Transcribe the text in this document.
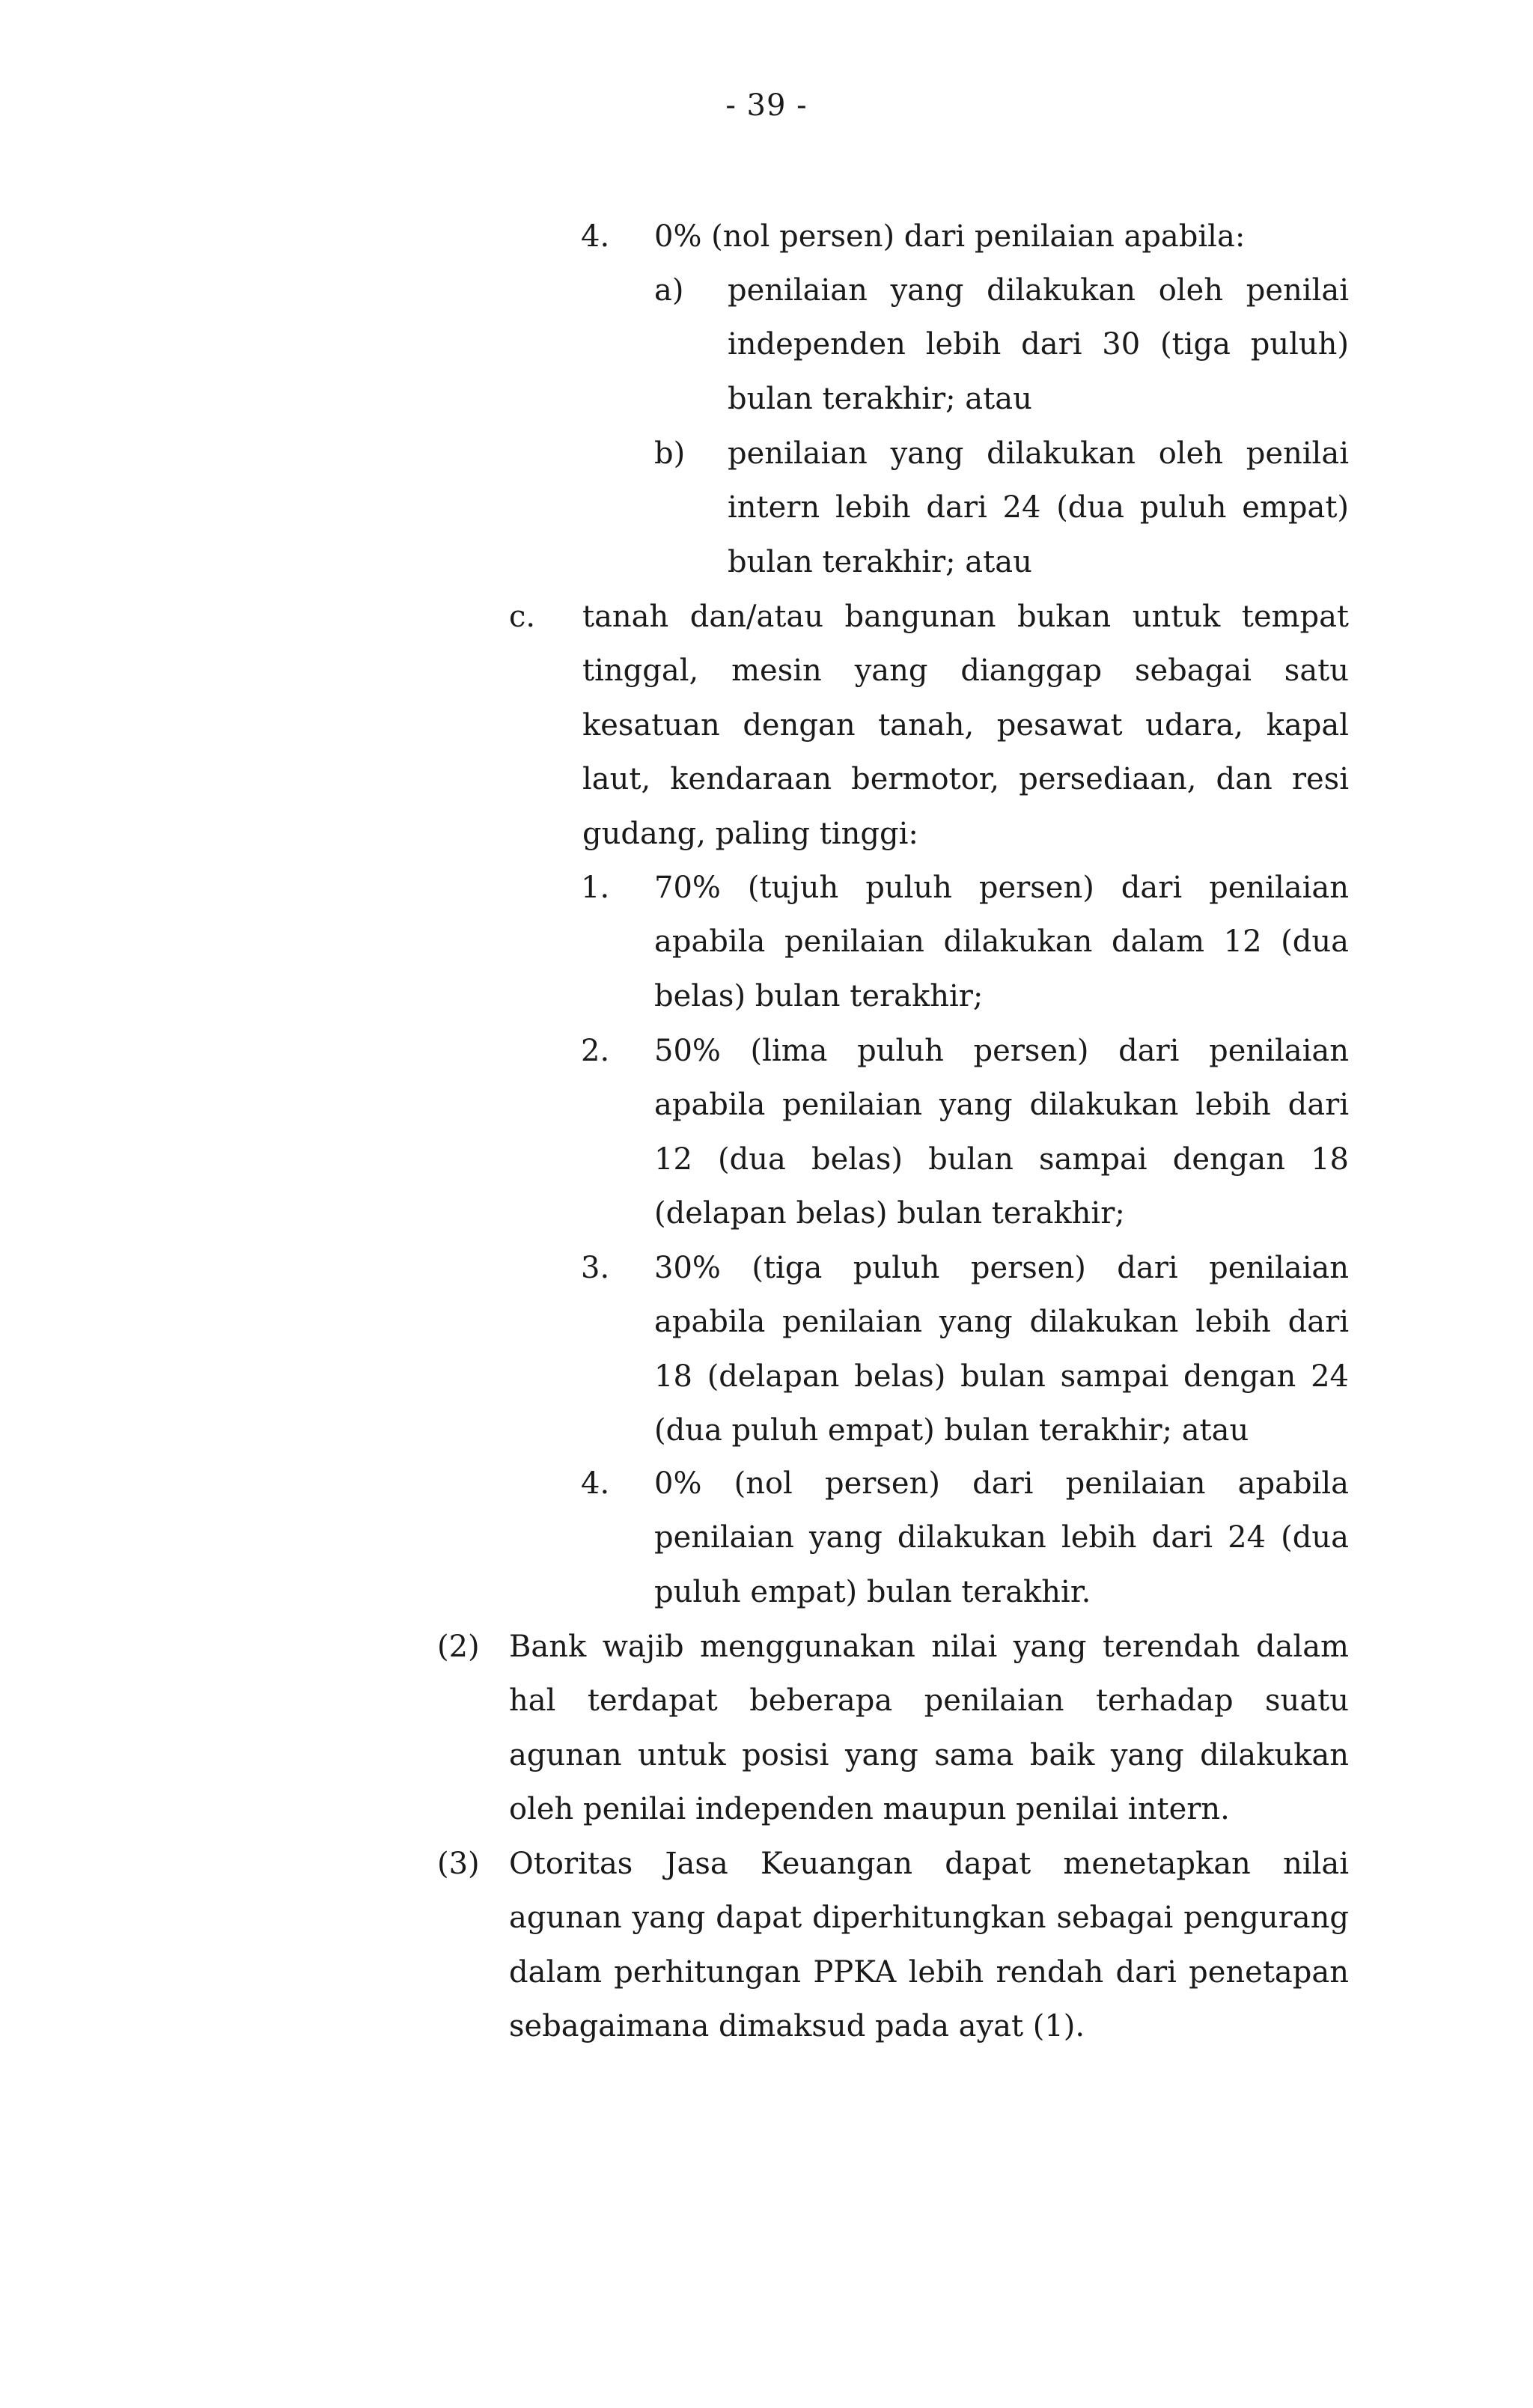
- 39 -
4. 0% (nol persen) dari penilaian apabila:
a) penilaian yang dilakukan oleh penilai
independen lebih dari 30 (tiga puluh)
bulan terakhir; atau
b) penilaian yang dilakukan oleh penilai
intern lebih dari 24 (dua puluh empat)
bulan terakhir; atau
c. tanah dan/atau bangunan bukan untuk tempat
tinggal, mesin yang dianggap sebagai satu
kesatuan dengan tanah, pesawat udara, kapal
laut, kendaraan bermotor, persediaan, dan resi
gudang, paling tinggi:
1. 70% (tujuh puluh persen) dari penilaian
apabila penilaian dilakukan dalam 12 (dua
belas) bulan terakhir;
2. 50% (lima puluh persen) dari penilaian
apabila penilaian yang dilakukan lebih dari
12 (dua belas) bulan sampai dengan 18
(delapan belas) bulan terakhir;
3. 30% (tiga puluh persen) dari penilaian
apabila penilaian yang dilakukan lebih dari
18 (delapan belas) bulan sampai dengan 24
(dua puluh empat) bulan terakhir; atau
4. 0% (nol persen) dari penilaian apabila
penilaian yang dilakukan lebih dari 24 (dua
puluh empat) bulan terakhir.
(2) Bank wajib menggunakan nilai yang terendah dalam
hal terdapat beberapa penilaian terhadap suatu
agunan untuk posisi yang sama baik yang dilakukan
oleh penilai independen maupun penilai intern.
(3) Otoritas Jasa Keuangan dapat menetapkan nilai
agunan yang dapat diperhitungkan sebagai pengurang
dalam perhitungan PPKA lebih rendah dari penetapan
sebagaimana dimaksud pada ayat (1).
